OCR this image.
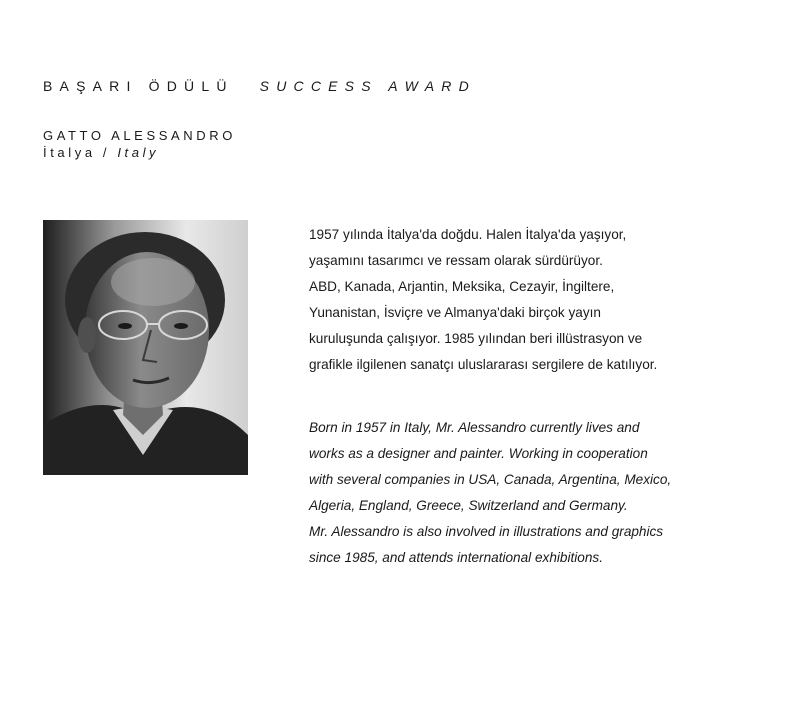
BAŞARI ÖDÜLÜ SUCCESS AWARD
GATTO ALESSANDRO
İtalya / Italy
1957 yılında İtalya'da doğdu. Halen İtalya'da yaşıyor,
yaşamını tasarımcı ve ressam olarak sürdürüyor.
ABD, Kanada, Arjantin, Meksika, Cezayir, İngiltere,
Yunanistan, İsviçre ve Almanya'daki birçok yayın
kuruluşunda çalışıyor. 1985 yılından beri illüstrasyon ve
grafikle ilgilenen sanatçı uluslararası sergilere de katılıyor.
Born in 1957 in Italy, Mr. Alessandro currently lives and
works as a designer and painter. Working in cooperation
with several companies in USA, Canada, Argentina, Mexico,
Algeria, England, Greece, Switzerland and Germany.
Mr. Alessandro is also involved in illustrations and graphics
since 1985, and attends international exhibitions.
